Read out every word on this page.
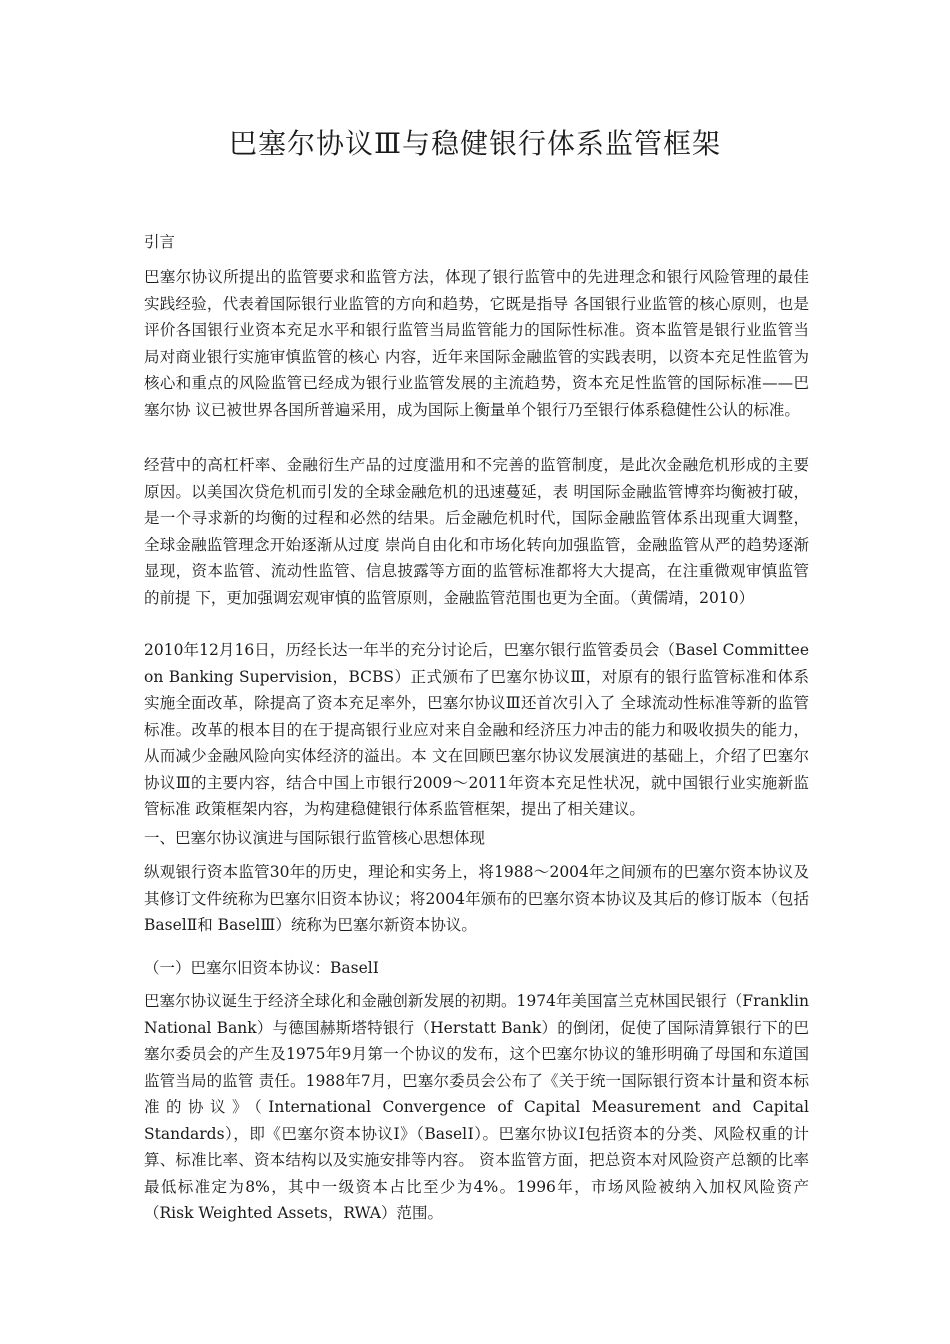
巴塞尔协议Ⅲ与稳健银行体系监管框架
引言

巴塞尔协议所提出的监管要求和监管方法，体现了银行监管中的先进理念和银行风险管理的最佳实践经验，代表着国际银行业监管的方向和趋势，它既是指导 各国银行业监管的核心原则，也是评价各国银行业资本充足水平和银行监管当局监管能力的国际性标准。资本监管是银行业监管当局对商业银行实施审慎监管的核心 内容，近年来国际金融监管的实践表明，以资本充足性监管为核心和重点的风险监管已经成为银行业监管发展的主流趋势，资本充足性监管的国际标准——巴塞尔协 议已被世界各国所普遍采用，成为国际上衡量单个银行乃至银行体系稳健性公认的标准。

经营中的高杠杆率、金融衍生产品的过度滥用和不完善的监管制度，是此次金融危机形成的主要原因。以美国次贷危机而引发的全球金融危机的迅速蔓延，表 明国际金融监管博弈均衡被打破，是一个寻求新的均衡的过程和必然的结果。后金融危机时代，国际金融监管体系出现重大调整，全球金融监管理念开始逐渐从过度 崇尚自由化和市场化转向加强监管，金融监管从严的趋势逐渐显现，资本监管、流动性监管、信息披露等方面的监管标准都将大大提高，在注重微观审慎监管的前提 下，更加强调宏观审慎的监管原则，金融监管范围也更为全面。（黄儒靖，2010）

2010年12月16日，历经长达一年半的充分讨论后，巴塞尔银行监管委员会（Basel Committee on Banking Supervision，BCBS）正式颁布了巴塞尔协议Ⅲ，对原有的银行监管标准和体系实施全面改革，除提高了资本充足率外，巴塞尔协议Ⅲ还首次引入了 全球流动性标准等新的监管标准。改革的根本目的在于提高银行业应对来自金融和经济压力冲击的能力和吸收损失的能力，从而减少金融风险向实体经济的溢出。本 文在回顾巴塞尔协议发展演进的基础上，介绍了巴塞尔协议Ⅲ的主要内容，结合中国上市银行2009～2011年资本充足性状况，就中国银行业实施新监管标准 政策框架内容，为构建稳健银行体系监管框架，提出了相关建议。

一、巴塞尔协议演进与国际银行监管核心思想体现

纵观银行资本监管30年的历史，理论和实务上，将1988～2004年之间颁布的巴塞尔资本协议及其修订文件统称为巴塞尔旧资本协议；将2004年颁布的巴塞尔资本协议及其后的修订版本（包括 BaselⅡ和 BaselⅢ）统称为巴塞尔新资本协议。

（一）巴塞尔旧资本协议：BaselⅠ

巴塞尔协议诞生于经济全球化和金融创新发展的初期。1974年美国富兰克林国民银行（Franklin National Bank）与德国赫斯塔特银行（Herstatt Bank）的倒闭，促使了国际清算银行下的巴塞尔委员会的产生及1975年9月第一个协议的发布，这个巴塞尔协议的雏形明确了母国和东道国监管当局的监管 责任。1988年7月，巴塞尔委员会公布了《关于统一国际银行资本计量和资本标准的协议》（International Convergence of Capital Measurement and Capital Standards），即《巴塞尔资本协议Ⅰ》（BaselⅠ）。巴塞尔协议Ⅰ包括资本的分类、风险权重的计算、标准比率、资本结构以及实施安排等内容。 资本监管方面，把总资本对风险资产总额的比率最低标准定为8%，其中一级资本占比至少为4%。1996年，市场风险被纳入加权风险资产（Risk Weighted Assets，RWA）范围。
